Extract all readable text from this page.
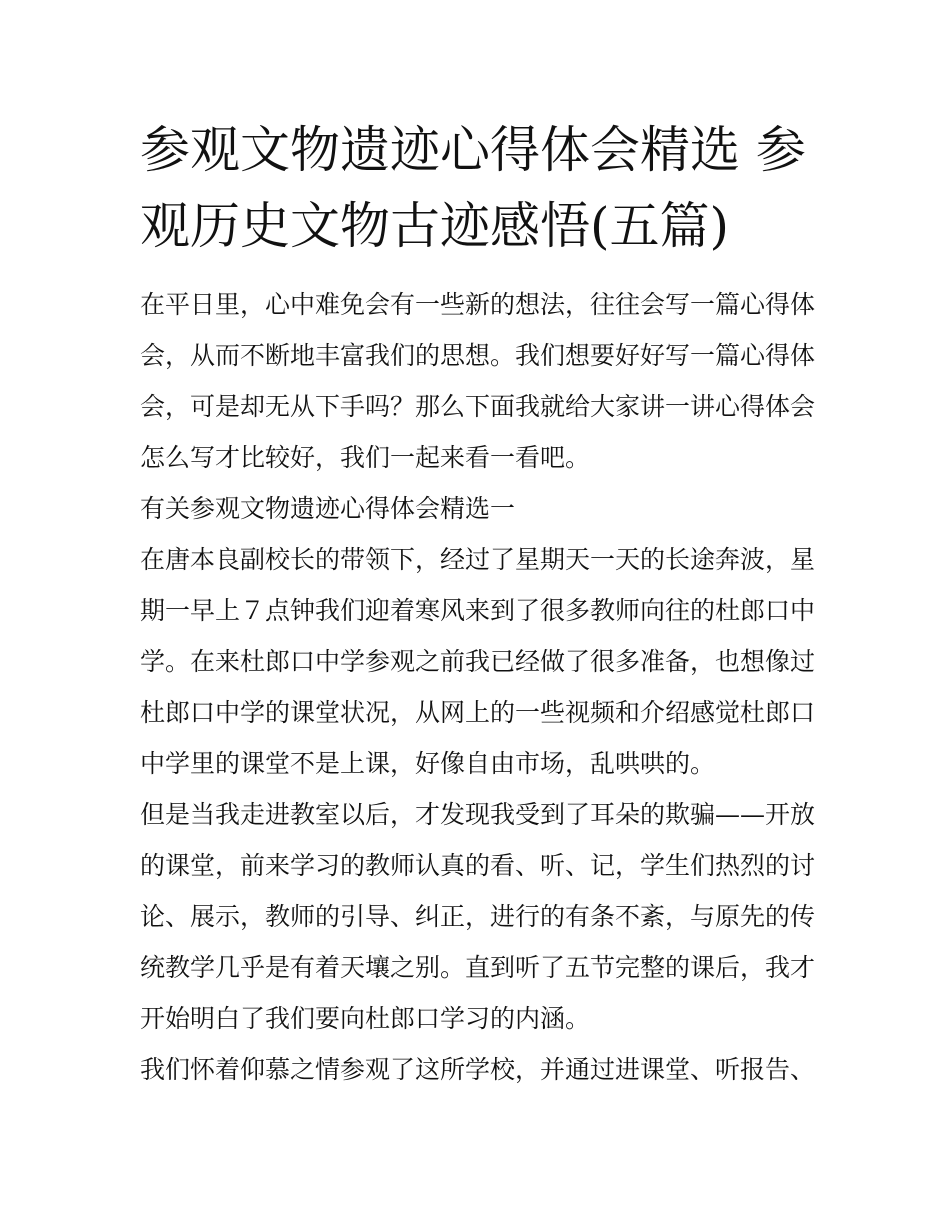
参观文物遗迹心得体会精选 参
观历史文物古迹感悟(五篇)
在平日里，心中难免会有一些新的想法，往往会写一篇心得体
会，从而不断地丰富我们的思想。我们想要好好写一篇心得体
会，可是却无从下手吗？那么下面我就给大家讲一讲心得体会
怎么写才比较好，我们一起来看一看吧。
有关参观文物遗迹心得体会精选一
在唐本良副校长的带领下，经过了星期天一天的长途奔波，星
期一早上７点钟我们迎着寒风来到了很多教师向往的杜郎口中
学。在来杜郎口中学参观之前我已经做了很多准备，也想像过
杜郎口中学的课堂状况，从网上的一些视频和介绍感觉杜郎口
中学里的课堂不是上课，好像自由市场，乱哄哄的。
但是当我走进教室以后，才发现我受到了耳朵的欺骗——开放
的课堂，前来学习的教师认真的看、听、记，学生们热烈的讨
论、展示，教师的引导、纠正，进行的有条不紊，与原先的传
统教学几乎是有着天壤之别。直到听了五节完整的课后，我才
开始明白了我们要向杜郎口学习的内涵。
我们怀着仰慕之情参观了这所学校，并通过进课堂、听报告、
